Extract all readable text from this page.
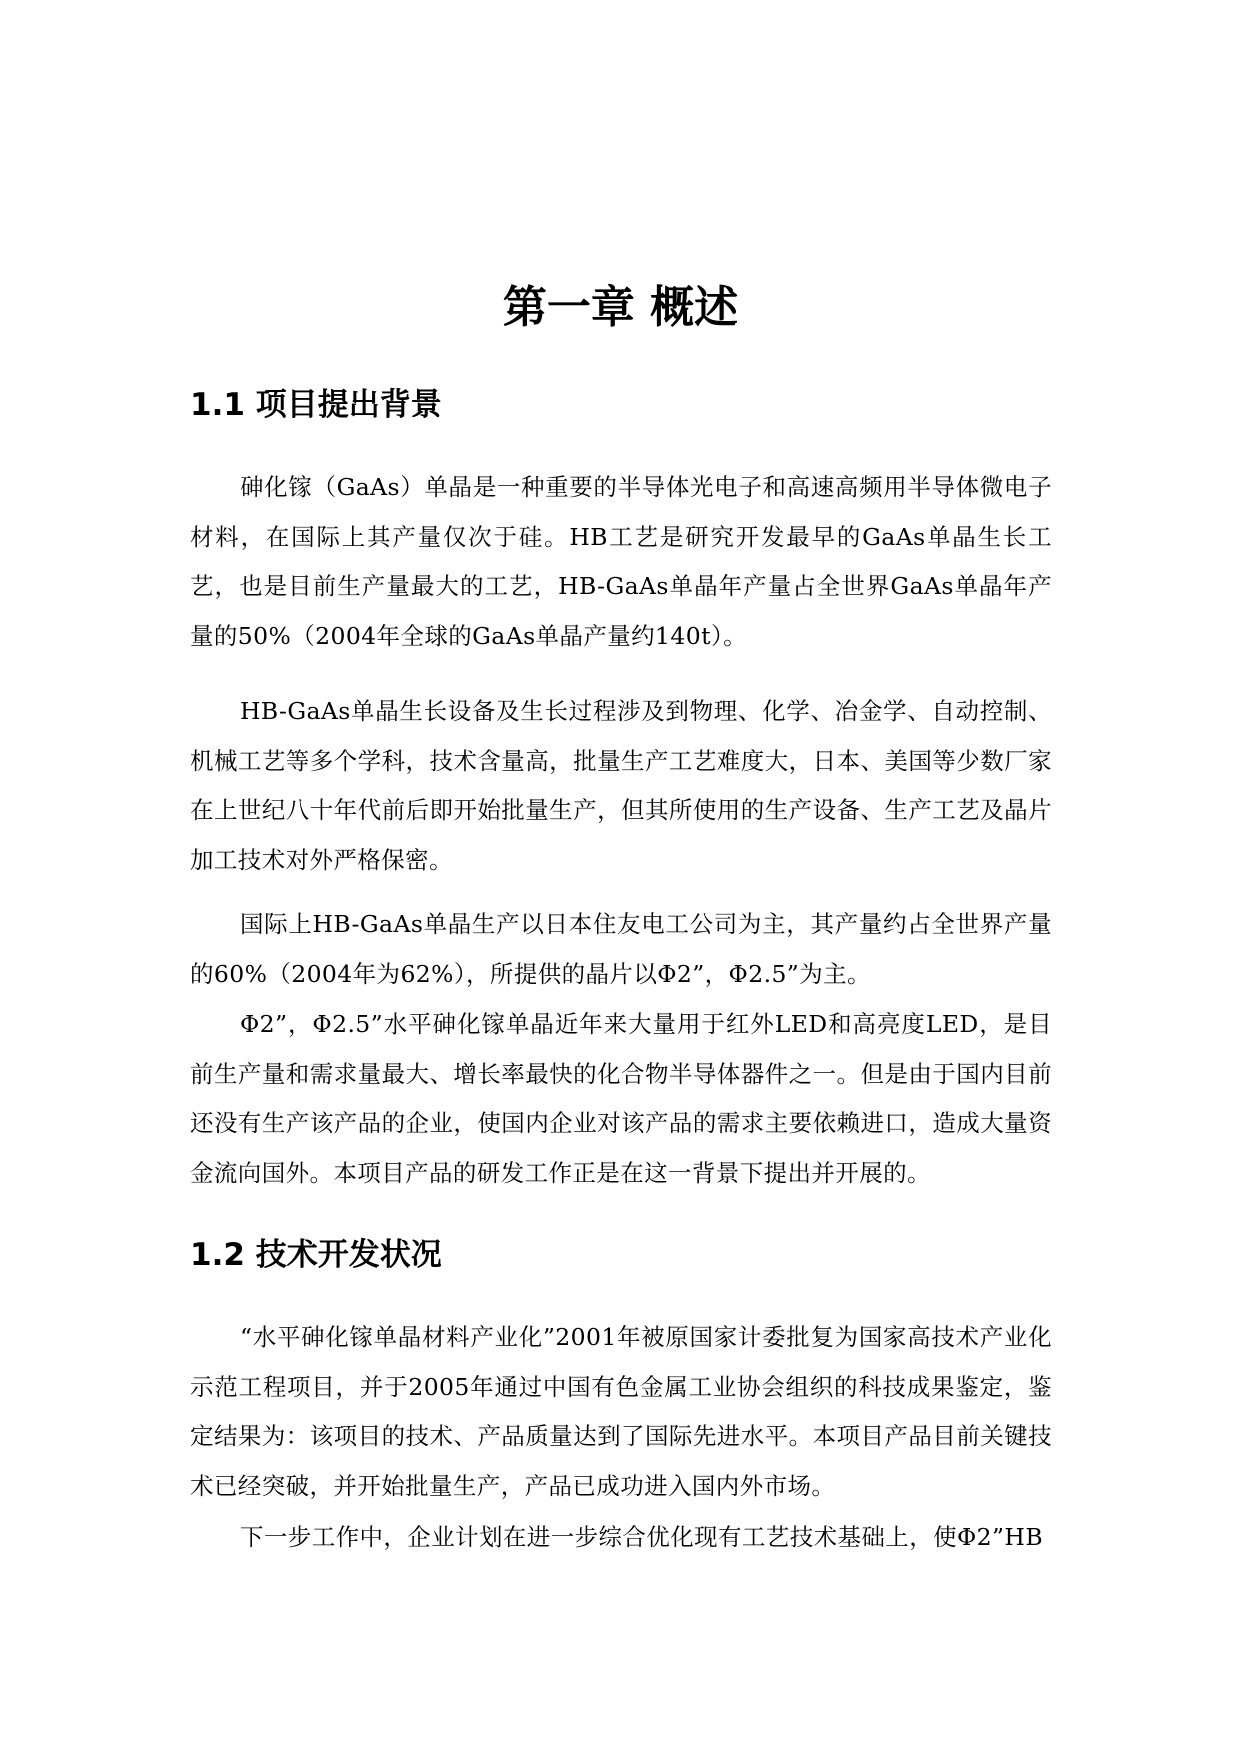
第一章 概述
1.1 项目提出背景

砷化镓（GaAs）单晶是一种重要的半导体光电子和高速高频用半导体微电子材料，在国际上其产量仅次于硅。HB工艺是研究开发最早的GaAs单晶生长工艺，也是目前生产量最大的工艺，HB-GaAs单晶年产量占全世界GaAs单晶年产量的50%（2004年全球的GaAs单晶产量约140t）。

HB-GaAs单晶生长设备及生长过程涉及到物理、化学、冶金学、自动控制、机械工艺等多个学科，技术含量高，批量生产工艺难度大，日本、美国等少数厂家在上世纪八十年代前后即开始批量生产，但其所使用的生产设备、生产工艺及晶片加工技术对外严格保密。

国际上HB-GaAs单晶生产以日本住友电工公司为主，其产量约占全世界产量的60%（2004年为62%），所提供的晶片以Φ2”，Φ2.5”为主。

Φ2”，Φ2.5”水平砷化镓单晶近年来大量用于红外LED和高亮度LED，是目前生产量和需求量最大、增长率最快的化合物半导体器件之一。但是由于国内目前还没有生产该产品的企业，使国内企业对该产品的需求主要依赖进口，造成大量资金流向国外。本项目产品的研发工作正是在这一背景下提出并开展的。

1.2 技术开发状况

“水平砷化镓单晶材料产业化”2001年被原国家计委批复为国家高技术产业化示范工程项目，并于2005年通过中国有色金属工业协会组织的科技成果鉴定，鉴定结果为：该项目的技术、产品质量达到了国际先进水平。本项目产品目前关键技术已经突破，并开始批量生产，产品已成功进入国内外市场。

下一步工作中，企业计划在进一步综合优化现有工艺技术基础上，使Φ2”HB
